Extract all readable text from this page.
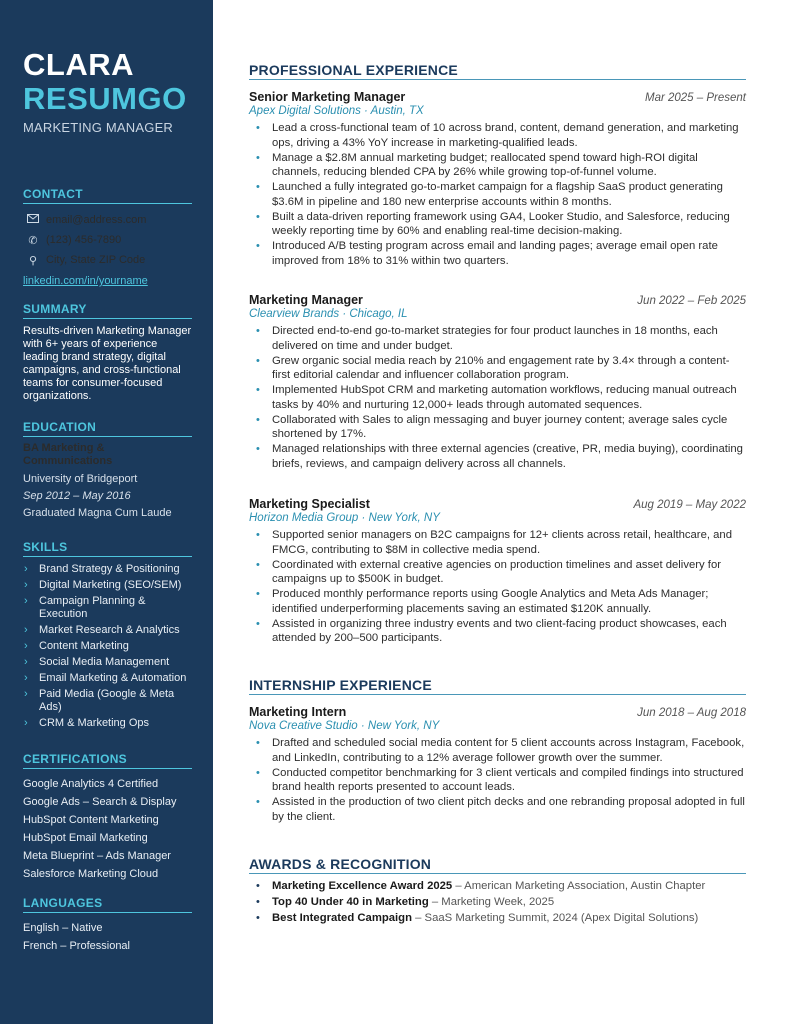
CLARA
RESUMGO
MARKETING MANAGER
CONTACT
email@address.com
✆ (123) 456-7890
⚲ City, State ZIP Code
linkedin.com/in/yourname
SUMMARY
Results-driven Marketing Manager with 6+ years of experience leading brand strategy, digital campaigns, and cross-functional teams for consumer-focused organizations.
EDUCATION
BA Marketing & Communications
University of Bridgeport
Sep 2012 – May 2016
Graduated Magna Cum Laude
SKILLS
› Brand Strategy & Positioning
› Digital Marketing (SEO/SEM)
› Campaign Planning & Execution
› Market Research & Analytics
› Content Marketing
› Social Media Management
› Email Marketing & Automation
› Paid Media (Google & Meta Ads)
› CRM & Marketing Ops
CERTIFICATIONS
Google Analytics 4 Certified
Google Ads – Search & Display
HubSpot Content Marketing
HubSpot Email Marketing
Meta Blueprint – Ads Manager
Salesforce Marketing Cloud
LANGUAGES
English – Native
French – Professional
PROFESSIONAL EXPERIENCE
Senior Marketing Manager	Mar 2025 – Present
Apex Digital Solutions · Austin, TX
• Lead a cross-functional team of 10 across brand, content, demand generation, and marketing ops, driving a 43% YoY increase in marketing-qualified leads.
• Manage a $2.8M annual marketing budget; reallocated spend toward high-ROI digital channels, reducing blended CPA by 26% while growing top-of-funnel volume.
• Launched a fully integrated go-to-market campaign for a flagship SaaS product generating $3.6M in pipeline and 180 new enterprise accounts within 8 months.
• Built a data-driven reporting framework using GA4, Looker Studio, and Salesforce, reducing weekly reporting time by 60% and enabling real-time decision-making.
• Introduced A/B testing program across email and landing pages; average email open rate improved from 18% to 31% within two quarters.
Marketing Manager	Jun 2022 – Feb 2025
Clearview Brands · Chicago, IL
• Directed end-to-end go-to-market strategies for four product launches in 18 months, each delivered on time and under budget.
• Grew organic social media reach by 210% and engagement rate by 3.4× through a content-first editorial calendar and influencer collaboration program.
• Implemented HubSpot CRM and marketing automation workflows, reducing manual outreach tasks by 40% and nurturing 12,000+ leads through automated sequences.
• Collaborated with Sales to align messaging and buyer journey content; average sales cycle shortened by 17%.
• Managed relationships with three external agencies (creative, PR, media buying), coordinating briefs, reviews, and campaign delivery across all channels.
Marketing Specialist	Aug 2019 – May 2022
Horizon Media Group · New York, NY
• Supported senior managers on B2C campaigns for 12+ clients across retail, healthcare, and FMCG, contributing to $8M in collective media spend.
• Coordinated with external creative agencies on production timelines and asset delivery for campaigns up to $500K in budget.
• Produced monthly performance reports using Google Analytics and Meta Ads Manager; identified underperforming placements saving an estimated $120K annually.
• Assisted in organizing three industry events and two client-facing product showcases, each attended by 200–500 participants.
INTERNSHIP EXPERIENCE
Marketing Intern	Jun 2018 – Aug 2018
Nova Creative Studio · New York, NY
• Drafted and scheduled social media content for 5 client accounts across Instagram, Facebook, and LinkedIn, contributing to a 12% average follower growth over the summer.
• Conducted competitor benchmarking for 3 client verticals and compiled findings into structured brand health reports presented to account leads.
• Assisted in the production of two client pitch decks and one rebranding proposal adopted in full by the client.
AWARDS & RECOGNITION
• Marketing Excellence Award 2025 – American Marketing Association, Austin Chapter
• Top 40 Under 40 in Marketing – Marketing Week, 2025
• Best Integrated Campaign – SaaS Marketing Summit, 2024 (Apex Digital Solutions)
